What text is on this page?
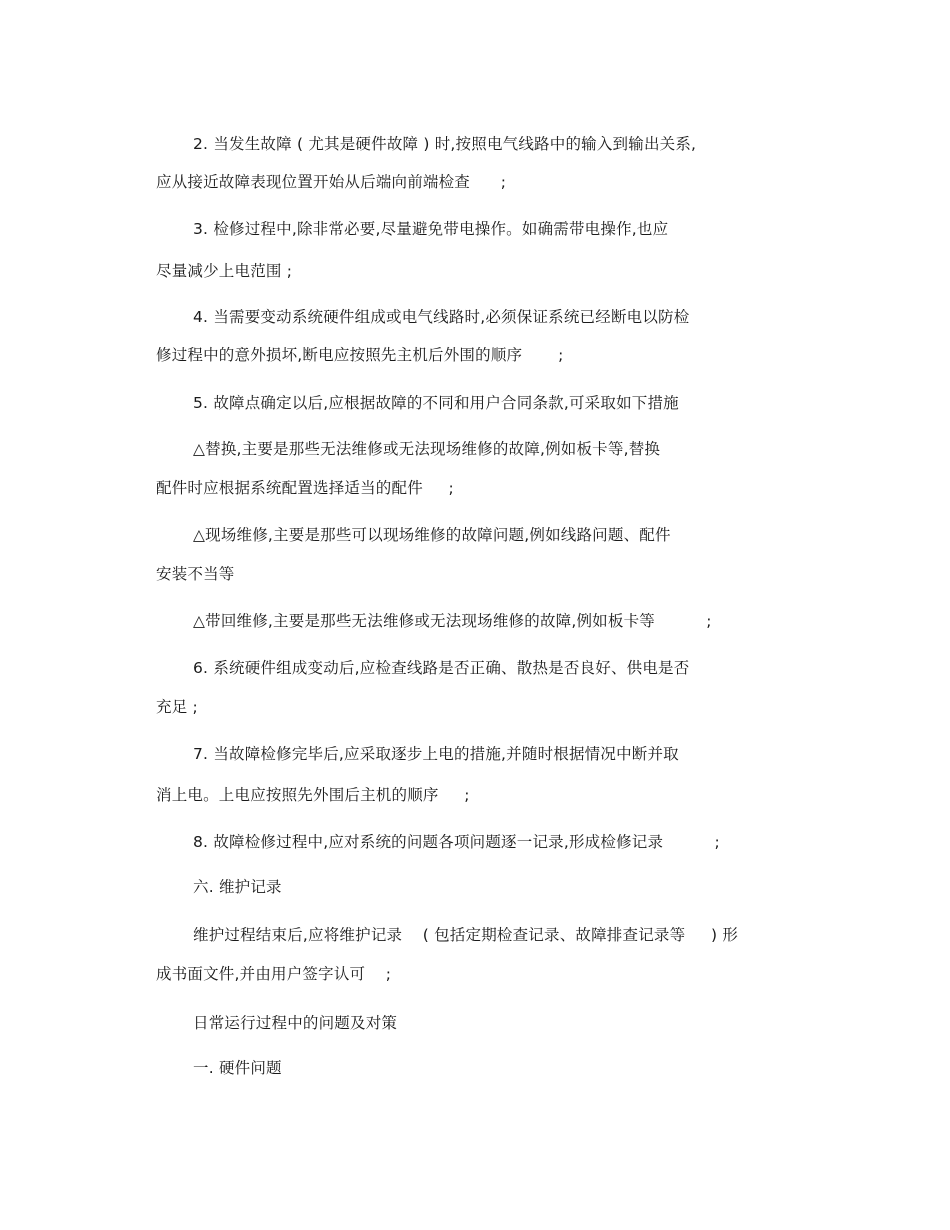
2. 当发生故障 ( 尤其是硬件故障 ) 时,按照电气线路中的输入到输出关系,
应从接近故障表现位置开始从后端向前端检查      ;
3. 检修过程中,除非常必要,尽量避免带电操作。如确需带电操作,也应
尽量减少上电范围 ;
4. 当需要变动系统硬件组成或电气线路时,必须保证系统已经断电以防检
修过程中的意外损坏,断电应按照先主机后外围的顺序       ;
5. 故障点确定以后,应根据故障的不同和用户合同条款,可采取如下措施
△替换,主要是那些无法维修或无法现场维修的故障,例如板卡等,替换
配件时应根据系统配置选择适当的配件     ;
△现场维修,主要是那些可以现场维修的故障问题,例如线路问题、配件
安装不当等
△带回维修,主要是那些无法维修或无法现场维修的故障,例如板卡等          ;
6. 系统硬件组成变动后,应检查线路是否正确、散热是否良好、供电是否
充足 ;
7. 当故障检修完毕后,应采取逐步上电的措施,并随时根据情况中断并取
消上电。上电应按照先外围后主机的顺序     ;
8. 故障检修过程中,应对系统的问题各项问题逐一记录,形成检修记录          ;
六. 维护记录
维护过程结束后,应将维护记录    ( 包括定期检查记录、故障排查记录等     ) 形
成书面文件,并由用户签字认可    ;
日常运行过程中的问题及对策
一. 硬件问题
